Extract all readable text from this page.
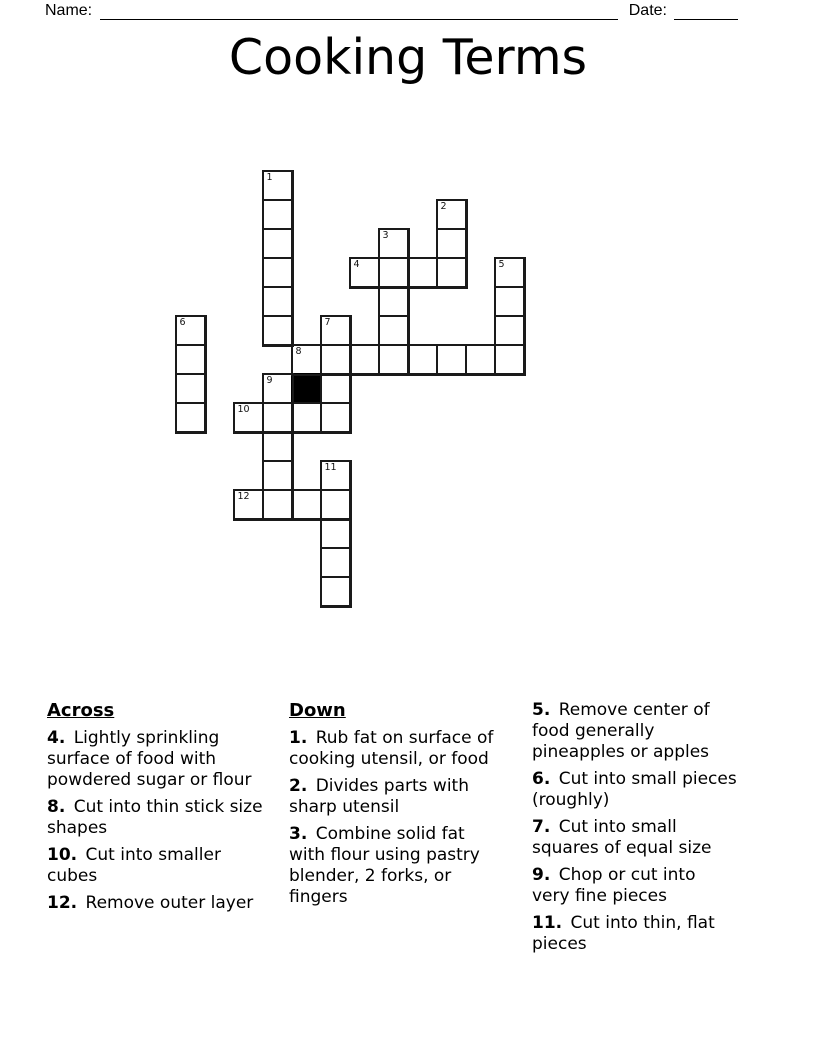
Name:	Date:
Cooking Terms
1
2
3
4	5
6	7
8
9
10
11
12
Across

4. Lightly sprinkling surface of food with powdered sugar or flour

8. Cut into thin stick size shapes

10. Cut into smaller cubes

12. Remove outer layer

Down

1. Rub fat on surface of cooking utensil, or food

2. Divides parts with sharp utensil

3. Combine solid fat with flour using pastry blender, 2 forks, or fingers

5. Remove center of food generally pineapples or apples

6. Cut into small pieces (roughly)

7. Cut into small squares of equal size

9. Chop or cut into very fine pieces

11. Cut into thin, flat pieces
